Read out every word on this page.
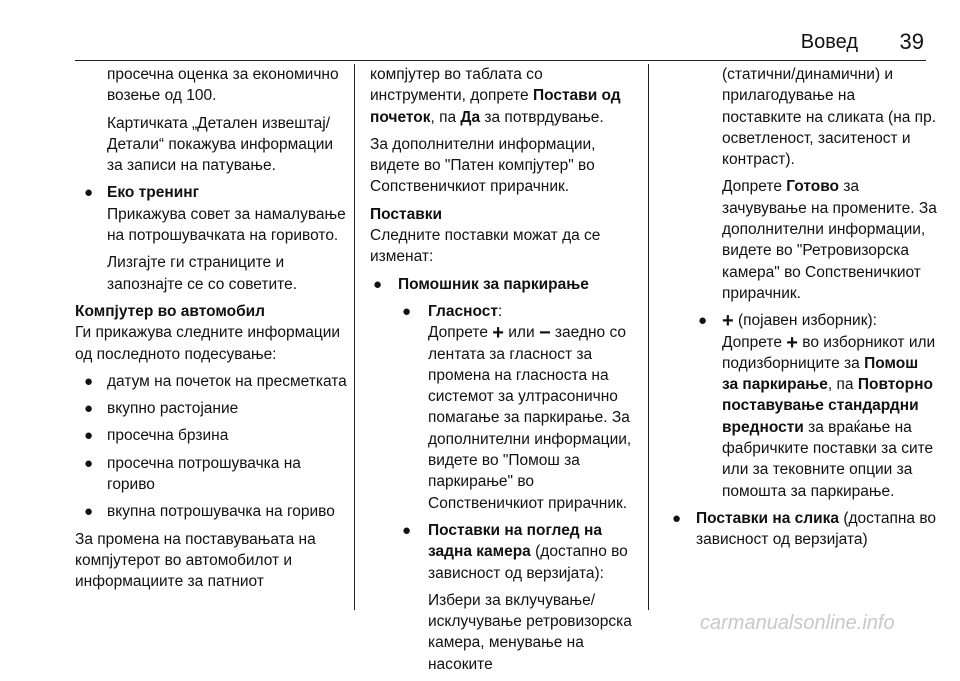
Вовед 39

просечна оценка за економично возење од 100.

Картичката „Детален извештај/Детали“ покажува информации за записи на патување.

● Еко тренинг

Прикажува совет за намалување на потрошувачката на горивото.

Лизгајте ги страниците и запознајте се со советите.

Компјутер во автомобил

Ги прикажува следните информации од последното подесување:

● датум на почеток на пресметката
● вкупно растојание
● просечна брзина
● просечна потрошувачка на гориво
● вкупна потрошувачка на гориво

За промена на поставувањата на компјутерот во автомобилот и информациите за патниот

компјутер во таблата со инструменти, допрете Постави од почеток, па Да за потврдување.

За дополнителни информации, видете во "Патен компјутер" во Сопственичкиот прирачник.

Поставки

Следните поставки можат да се изменат:

● Помошник за паркирање
● Гласност:

Допрете + или − заедно со лентата за гласност за промена на гласноста на системот за ултрасонично помагање за паркирање. За дополнителни информации, видете во "Помош за паркирање" во Сопственичкиот прирачник.

● Поставки на поглед на задна камера (достапно во зависност од верзијата):

Избери за вклучување/исклучување ретровизорска камера, менување на насоките

(статични/динамични) и прилагодување на поставките на сликата (на пр. осветленост, заситеност и контраст).

Допрете Готово за зачувување на промените. За дополнителни информации, видете во "Ретровизорска камера" во Сопственичкиот прирачник.

● + (појавен изборник):

Допрете + во изборникот или подизборниците за Помош за паркирање, па Повторно поставување стандардни вредности за враќање на фабричките поставки за сите или за тековните опции за помошта за паркирање.

● Поставки на слика (достапна во зависност од верзијата)
carmanualsonline.info
